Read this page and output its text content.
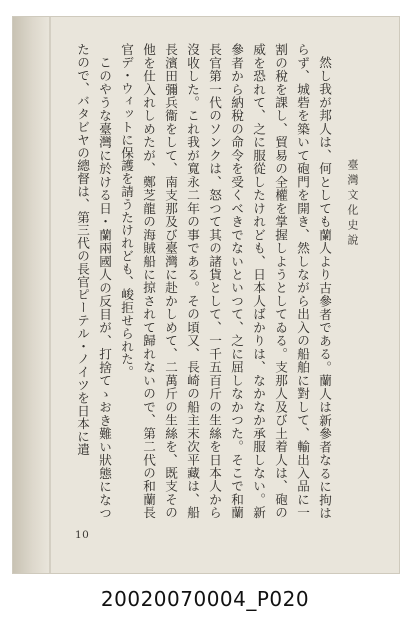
臺灣文化史說

然し我が邦人は、何としても蘭人より古參者である。蘭人は新參者なるに拘はらず、城砦を築いて砲門を開き、然しながら出入の船舶に對して、輸出入品に一割の稅を課し、貿易の全權を掌握しようとしてゐる。支那人及び土着人は、砲の威を恐れて、之に服從したけれども、日本人ばかりは、なかなか承服しない。新參者から納稅の命令を受くべきでないといつて、之に屈しなかつた。そこで和蘭長官第一代のソンクは、怒つて其の諸貨として、一千五百斤の生絲を日本人から沒收した。これ我が寬永二年の事である。その頃又、長崎の船主末次平藏は、船長濱田彌兵衞をして、南支那及び臺灣に赴かしめて、二萬斤の生絲を、既支その他を仕入れしめたが、鄭芝龍の海賊船に掠されて歸れないので、第二代の和蘭長官デ・ウィットに保護を請うたけれども、峻拒せられた。

このやうな臺灣に於ける日・蘭兩國人の反目が、打捨てゝおき難い狀態になつたので、バタビヤの總督は、第三代の長官ピーテル・ノイツを日本に遣

10
20020070004_P020
